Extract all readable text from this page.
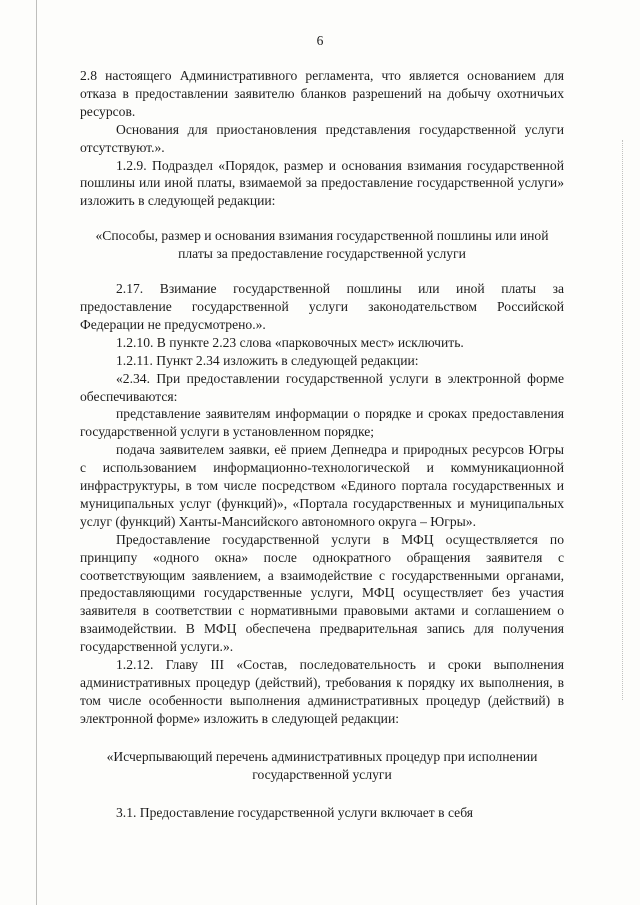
6

2.8 настоящего Административного регламента, что является основанием для отказа в предоставлении заявителю бланков разрешений на добычу охотничьих ресурсов.

Основания для приостановления представления государственной услуги отсутствуют.».

1.2.9. Подраздел «Порядок, размер и основания взимания государственной пошлины или иной платы, взимаемой за предоставление государственной услуги» изложить в следующей редакции:

«Способы, размер и основания взимания государственной пошлины или иной платы за предоставление государственной услуги

2.17. Взимание государственной пошлины или иной платы за предоставление государственной услуги законодательством Российской Федерации не предусмотрено.».

1.2.10. В пункте 2.23 слова «парковочных мест» исключить.

1.2.11. Пункт 2.34 изложить в следующей редакции:

«2.34. При предоставлении государственной услуги в электронной форме обеспечиваются:

представление заявителям информации о порядке и сроках предоставления государственной услуги в установленном порядке;

подача заявителем заявки, её прием Депнедра и природных ресурсов Югры с использованием информационно-технологической и коммуникационной инфраструктуры, в том числе посредством «Единого портала государственных и муниципальных услуг (функций)», «Портала государственных и муниципальных услуг (функций) Ханты-Мансийского автономного округа – Югры».

Предоставление государственной услуги в МФЦ осуществляется по принципу «одного окна» после однократного обращения заявителя с соответствующим заявлением, а взаимодействие с государственными органами, предоставляющими государственные услуги, МФЦ осуществляет без участия заявителя в соответствии с нормативными правовыми актами и соглашением о взаимодействии. В МФЦ обеспечена предварительная запись для получения государственной услуги.».

1.2.12. Главу III «Состав, последовательность и сроки выполнения административных процедур (действий), требования к порядку их выполнения, в том числе особенности выполнения административных процедур (действий) в электронной форме» изложить в следующей редакции:

«Исчерпывающий перечень административных процедур при исполнении государственной услуги

3.1. Предоставление государственной услуги включает в себя
